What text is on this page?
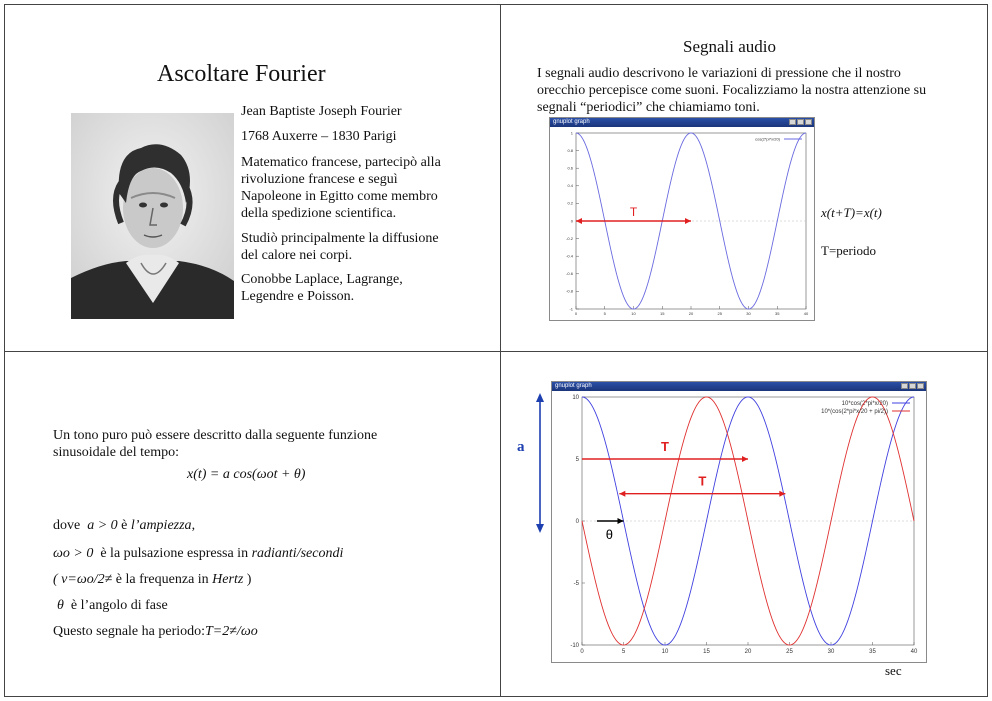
Ascoltare Fourier
Jean Baptiste Joseph Fourier
1768 Auxerre – 1830 Parigi
Matematico francese, partecipò alla rivoluzione francese e seguì Napoleone in Egitto come membro della spedizione scientifica.
Studiò principalmente la diffusione del calore nei corpi.
Conobbe Laplace, Lagrange, Legendre e Poisson.
Segnali audio
I segnali audio descrivono le variazioni di pressione che il nostro orecchio percepisce come suoni. Focalizziamo la nostra attenzione su segnali “periodici” che chiamiamo toni.
gnuplot graph
0	5	10	15	20	25	30	35	40
-1
-0.8
-0.6
-0.4
-0.2
0
0.2
0.4
0.6
0.8
1
cos(2*pi*x/20)
T	x(t+T)=x(t)
T=periodo
Un tono puro può essere descritto dalla seguente funzione sinusoidale del tempo:
x(t) = a cos(ωot + θ)
dove a > 0 è l’ampiezza,
ωo > 0 è la pulsazione espressa in radianti/secondi
( ν=ωo/2≠ è la frequenza in Hertz )
θ è l’angolo di fase
Questo segnale ha periodo:T=2≠/ωo
gnuplot graph
0	5	10	15	20	25	30	35	40
-10
-5
0
5
10
10*cos(2*pi*x/20)
10*(cos(2*pi*x/20 + pi/2))
T
T
θ
a
sec
